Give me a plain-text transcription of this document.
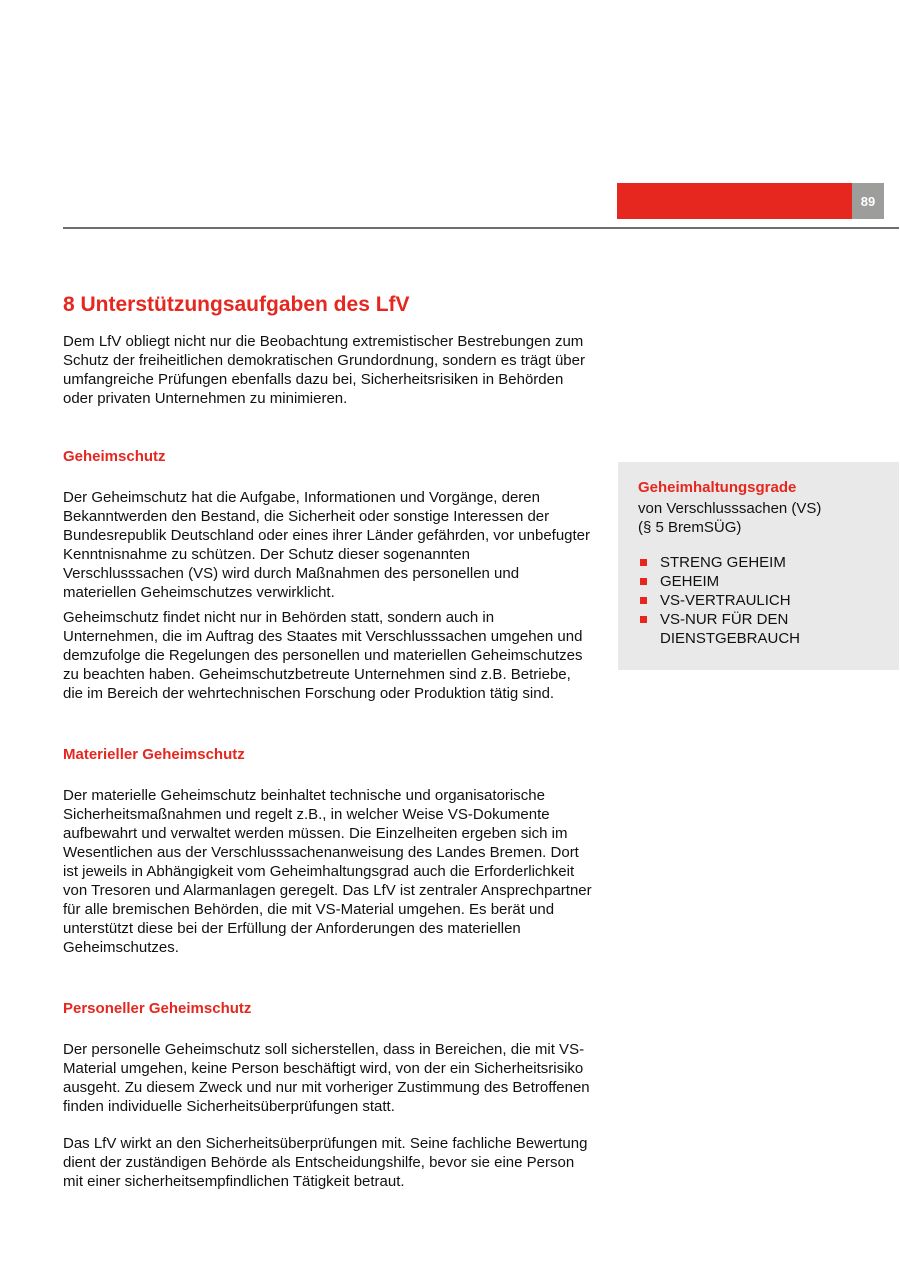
89
8 Unterstützungsaufgaben des LfV

Dem LfV obliegt nicht nur die Beobachtung extremistischer Bestrebungen zum Schutz der freiheitlichen demokratischen Grundordnung, sondern es trägt über umfangreiche Prüfungen ebenfalls dazu bei, Sicherheitsrisiken in Behörden oder privaten Unternehmen zu minimieren.

Geheimschutz

Der Geheimschutz hat die Aufgabe, Informationen und Vorgänge, deren Bekanntwerden den Bestand, die Sicherheit oder sonstige Interessen der Bundesrepublik Deutschland oder eines ihrer Länder gefährden, vor unbefugter Kenntnisnahme zu schützen. Der Schutz dieser sogenannten Verschlusssachen (VS) wird durch Maßnahmen des personellen und materiellen Geheimschutzes verwirklicht.

Geheimschutz findet nicht nur in Behörden statt, sondern auch in Unternehmen, die im Auftrag des Staates mit Verschlusssachen umgehen und demzufolge die Regelungen des personellen und materiellen Geheimschutzes zu beachten haben. Geheimschutzbetreute Unternehmen sind z.B. Betriebe, die im Bereich der wehrtechnischen Forschung oder Produktion tätig sind.

Materieller Geheimschutz

Der materielle Geheimschutz beinhaltet technische und organisatorische Sicherheitsmaßnahmen und regelt z.B., in welcher Weise VS-Dokumente aufbewahrt und verwaltet werden müssen. Die Einzelheiten ergeben sich im Wesentlichen aus der Verschlusssachenanweisung des Landes Bremen. Dort ist jeweils in Abhängigkeit vom Geheimhaltungsgrad auch die Erforderlichkeit von Tresoren und Alarmanlagen geregelt. Das LfV ist zentraler Ansprechpartner für alle bremischen Behörden, die mit VS-Material umgehen. Es berät und unterstützt diese bei der Erfüllung der Anforderungen des materiellen Geheimschutzes.

Personeller Geheimschutz

Der personelle Geheimschutz soll sicherstellen, dass in Bereichen, die mit VS-Material umgehen, keine Person beschäftigt wird, von der ein Sicherheitsrisiko ausgeht. Zu diesem Zweck und nur mit vorheriger Zustimmung des Betroffenen finden individuelle Sicherheitsüberprüfungen statt.

Das LfV wirkt an den Sicherheitsüberprüfungen mit. Seine fachliche Bewertung dient der zuständigen Behörde als Entscheidungshilfe, bevor sie eine Person mit einer sicherheitsempfindlichen Tätigkeit betraut.

Geheimhaltungsgrade
von Verschlusssachen (VS)
(§ 5 BremSÜG)
STRENG GEHEIM
GEHEIM
VS-VERTRAULICH
VS-NUR FÜR DEN DIENSTGEBRAUCH
